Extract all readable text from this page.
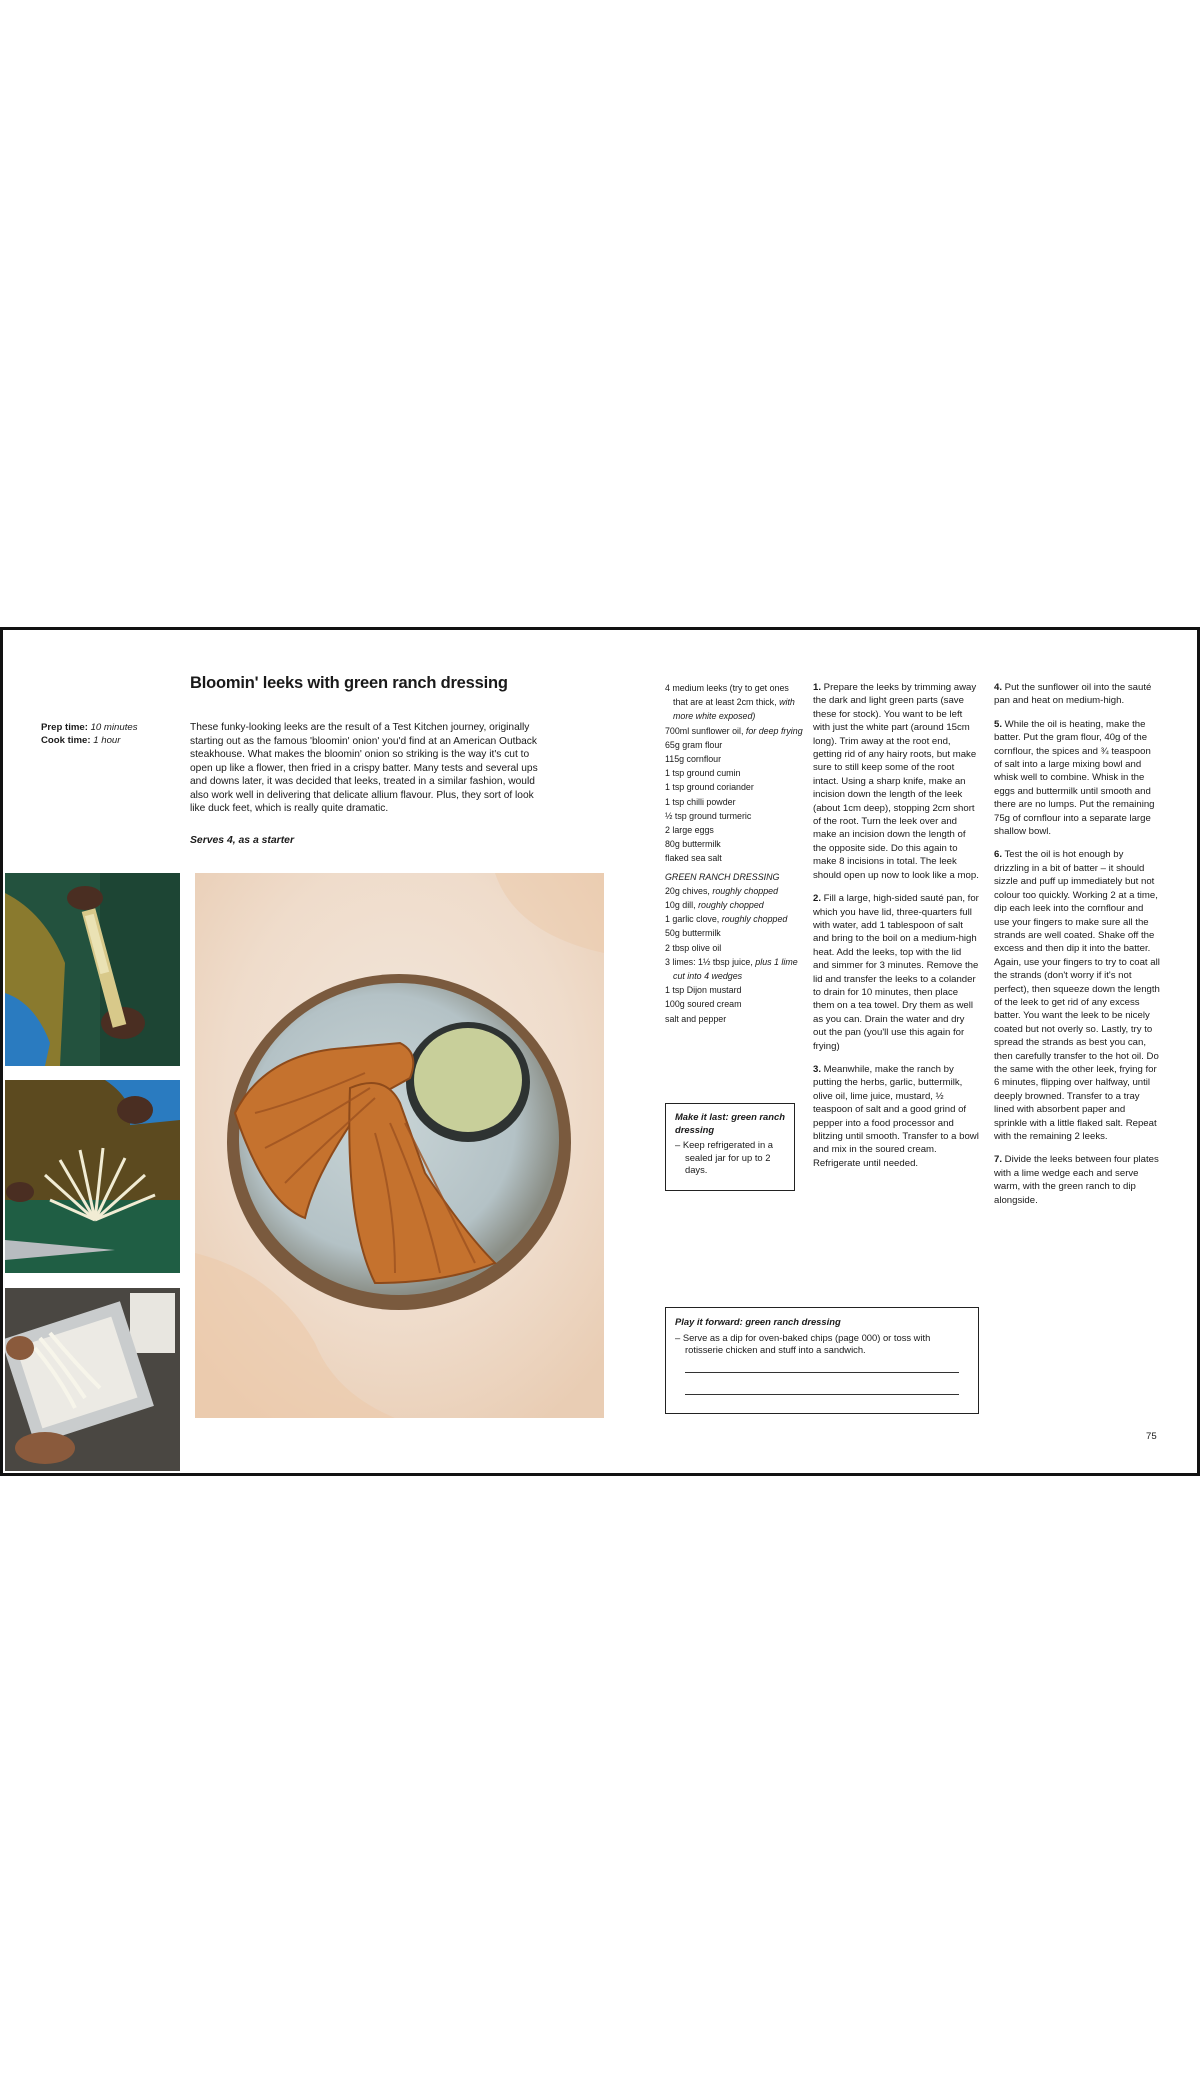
Bloomin' leeks with green ranch dressing
Prep time: 10 minutes
Cook time: 1 hour
These funky-looking leeks are the result of a Test Kitchen journey, originally starting out as the famous 'bloomin' onion' you'd find at an American Outback steakhouse. What makes the bloomin' onion so striking is the way it's cut to open up like a flower, then fried in a crispy batter. Many tests and several ups and downs later, it was decided that leeks, treated in a similar fashion, would also work well in delivering that delicate allium flavour. Plus, they sort of look like duck feet, which is really quite dramatic.
Serves 4, as a starter
4 medium leeks (try to get ones that are at least 2cm thick, with more white exposed)
700ml sunflower oil, for deep frying
65g gram flour
115g cornflour
1 tsp ground cumin
1 tsp ground coriander
1 tsp chilli powder
½ tsp ground turmeric
2 large eggs
80g buttermilk
flaked sea salt
GREEN RANCH DRESSING
20g chives, roughly chopped
10g dill, roughly chopped
1 garlic clove, roughly chopped
50g buttermilk
2 tbsp olive oil
3 limes: 1½ tbsp juice, plus 1 lime cut into 4 wedges
1 tsp Dijon mustard
100g soured cream
salt and pepper
Make it last: green ranch dressing
– Keep refrigerated in a sealed jar for up to 2 days.

1. Prepare the leeks by trimming away the dark and light green parts (save these for stock). You want to be left with just the white part (around 15cm long). Trim away at the root end, getting rid of any hairy roots, but make sure to still keep some of the root intact. Using a sharp knife, make an incision down the length of the leek (about 1cm deep), stopping 2cm short of the root. Turn the leek over and make an incision down the length of the opposite side. Do this again to make 8 incisions in total. The leek should open up now to look like a mop.

2. Fill a large, high-sided sauté pan, for which you have lid, three-quarters full with water, add 1 tablespoon of salt and bring to the boil on a medium-high heat. Add the leeks, top with the lid and simmer for 3 minutes. Remove the lid and transfer the leeks to a colander to drain for 10 minutes, then place them on a tea towel. Dry them as well as you can. Drain the water and dry out the pan (you'll use this again for frying)

3. Meanwhile, make the ranch by putting the herbs, garlic, buttermilk, olive oil, lime juice, mustard, ½ teaspoon of salt and a good grind of pepper into a food processor and blitzing until smooth. Transfer to a bowl and mix in the soured cream. Refrigerate until needed.

4. Put the sunflower oil into the sauté pan and heat on medium-high.

5. While the oil is heating, make the batter. Put the gram flour, 40g of the cornflour, the spices and ¾ teaspoon of salt into a large mixing bowl and whisk well to combine. Whisk in the eggs and buttermilk until smooth and there are no lumps. Put the remaining 75g of cornflour into a separate large shallow bowl.

6. Test the oil is hot enough by drizzling in a bit of batter – it should sizzle and puff up immediately but not colour too quickly. Working 2 at a time, dip each leek into the cornflour and use your fingers to make sure all the strands are well coated. Shake off the excess and then dip it into the batter. Again, use your fingers to try to coat all the strands (don't worry if it's not perfect), then squeeze down the length of the leek to get rid of any excess batter. You want the leek to be nicely coated but not overly so. Lastly, try to spread the strands as best you can, then carefully transfer to the hot oil. Do the same with the other leek, frying for 6 minutes, flipping over halfway, until deeply browned. Transfer to a tray lined with absorbent paper and sprinkle with a little flaked salt. Repeat with the remaining 2 leeks.

7. Divide the leeks between four plates with a lime wedge each and serve warm, with the green ranch to dip alongside.

Play it forward: green ranch dressing
– Serve as a dip for oven-baked chips (page 000) or toss with rotisserie chicken and stuff into a sandwich.
75
